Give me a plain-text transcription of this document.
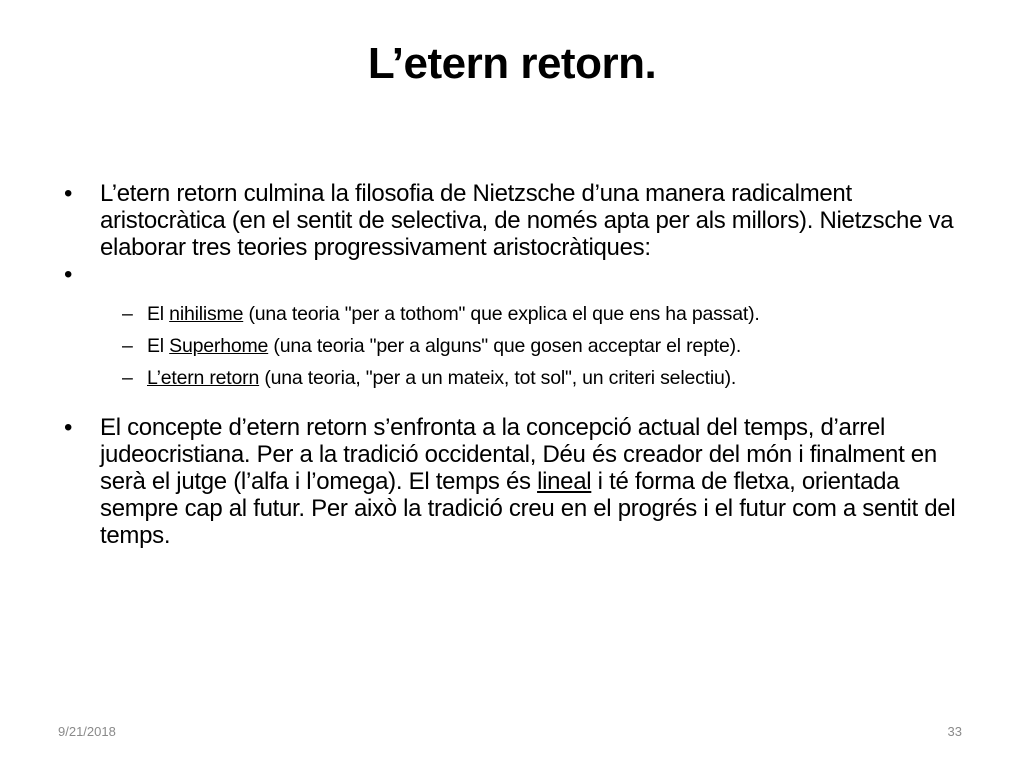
L’etern retorn.
• L’etern retorn culmina la filosofia de Nietzsche d’una manera radicalment aristocràtica (en el sentit de selectiva, de només apta per als millors). Nietzsche va elaborar tres teories progressivament aristocràtiques:
•
– El nihilisme (una teoria "per a tothom" que explica el que ens ha passat).
– El Superhome (una teoria "per a alguns" que gosen acceptar el repte).
– L’etern retorn (una teoria, "per a un mateix, tot sol", un criteri selectiu).
• El concepte d’etern retorn s’enfronta a la concepció actual del temps, d’arrel judeocristiana. Per a la tradició occidental, Déu és creador del món i finalment en serà el jutge (l’alfa i l’omega). El temps és lineal i té forma de fletxa, orientada sempre cap al futur. Per això la tradició creu en el progrés i el futur com a sentit del temps.
9/21/2018	33
